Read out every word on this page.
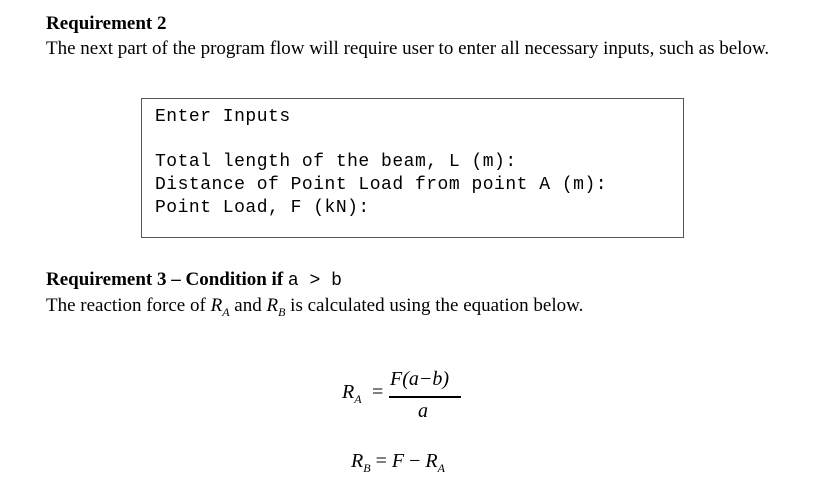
Requirement 2
The next part of the program flow will require user to enter all necessary inputs, such as below.
Enter Inputs
Total length of the beam, L (m):
Distance of Point Load from point A (m):
Point Load, F (kN):
Requirement 3 – Condition if a > b
The reaction force of $R_A$ and $R_B$ is calculated using the equation below.
$R_A$ =
F(a−b)
a
$R_B = F - R_A$
